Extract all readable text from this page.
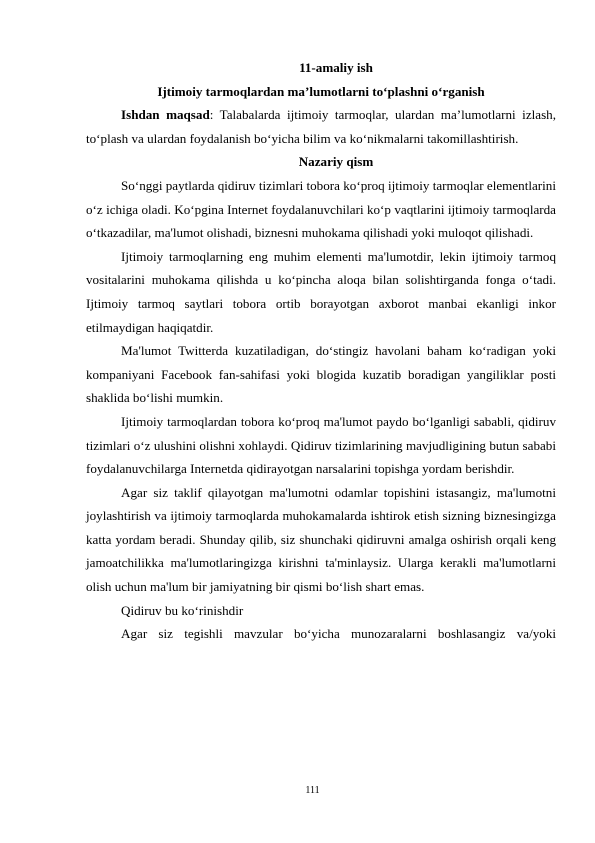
11-amaliy ish

Ijtimoiy tarmoqlardan ma’lumotlarni to‘plashni o‘rganish

Ishdan maqsad: Talabalarda ijtimoiy tarmoqlar, ulardan ma’lumotlarni izlash, to‘plash va ulardan foydalanish bo‘yicha bilim va ko‘nikmalarni takomillashtirish.

Nazariy qism

So‘nggi paytlarda qidiruv tizimlari tobora ko‘proq ijtimoiy tarmoqlar elementlarini o‘z ichiga oladi. Ko‘pgina Internet foydalanuvchilari ko‘p vaqtlarini ijtimoiy tarmoqlarda o‘tkazadilar, ma'lumot olishadi, biznesni muhokama qilishadi yoki muloqot qilishadi.

Ijtimoiy tarmoqlarning eng muhim elementi ma'lumotdir, lekin ijtimoiy tarmoq vositalarini muhokama qilishda u ko‘pincha aloqa bilan solishtirganda fonga o‘tadi. Ijtimoiy tarmoq saytlari tobora ortib borayotgan axborot manbai ekanligi inkor etilmaydigan haqiqatdir.

Ma'lumot Twitterda kuzatiladigan, do‘stingiz havolani baham ko‘radigan yoki kompaniyani Facebook fan-sahifasi yoki blogida kuzatib boradigan yangiliklar posti shaklida bo‘lishi mumkin.

Ijtimoiy tarmoqlardan tobora ko‘proq ma'lumot paydo bo‘lganligi sababli, qidiruv tizimlari o‘z ulushini olishni xohlaydi. Qidiruv tizimlarining mavjudligining butun sababi foydalanuvchilarga Internetda qidirayotgan narsalarini topishga yordam berishdir.

Agar siz taklif qilayotgan ma'lumotni odamlar topishini istasangiz, ma'lumotni joylashtirish va ijtimoiy tarmoqlarda muhokamalarda ishtirok etish sizning biznesingizga katta yordam beradi. Shunday qilib, siz shunchaki qidiruvni amalga oshirish orqali keng jamoatchilikka ma'lumotlaringizga kirishni ta'minlaysiz. Ularga kerakli ma'lumotlarni olish uchun ma'lum bir jamiyatning bir qismi bo‘lish shart emas.

Qidiruv bu ko‘rinishdir

Agar siz tegishli mavzular bo‘yicha munozaralarni boshlasangiz va/yoki

111
